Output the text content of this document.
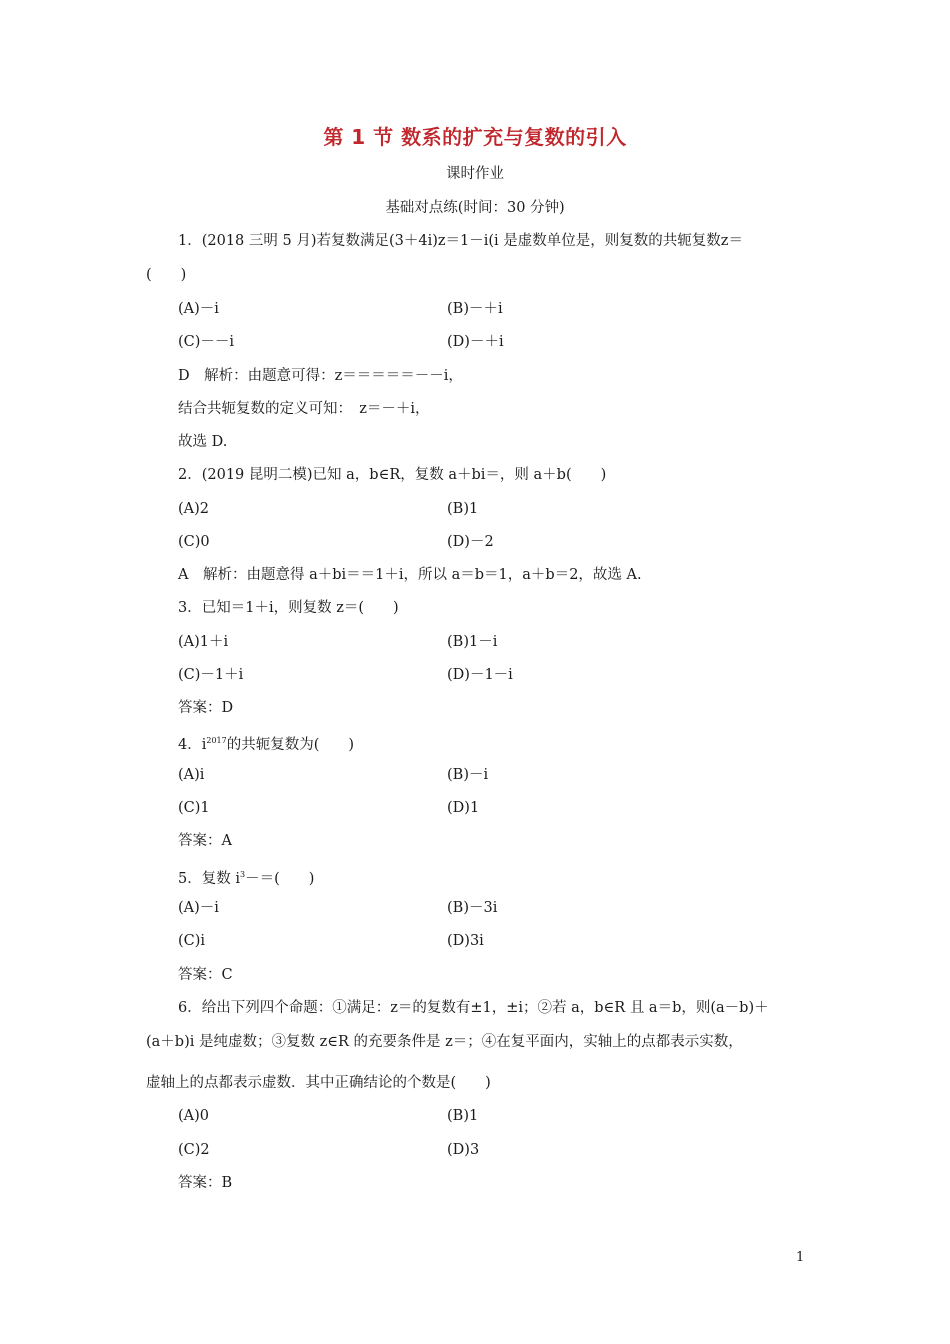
第 1 节 数系的扩充与复数的引入
课时作业
基础对点练(时间：30 分钟)
1．(2018 三明 5 月)若复数满足(3＋4i)z＝1－i(i 是虚数单位是，则复数的共轭复数z＝
(　　)
(A)－i	(B)－＋i
(C)－－i	(D)－＋i
D　解析：由题意可得：z＝＝＝＝＝－－i，
结合共轭复数的定义可知：　z＝－＋i，
故选 D.
2．(2019 昆明二模)已知 a，b∈R，复数 a＋bi＝，则 a＋b(　　)
(A)2	(B)1
(C)0	(D)－2
A　解析：由题意得 a＋bi＝＝1＋i，所以 a＝b＝1，a＋b＝2，故选 A.
3．已知＝1＋i，则复数 z＝(　　)
(A)1＋i	(B)1－i
(C)－1＋i	(D)－1－i
答案：D
4．$i^{2017}$的共轭复数为(　　)
(A)i	(B)－i
(C)1	(D)1
答案：A
5．复数 $i^3-=$(　　)
(A)－i	(B)－3i
(C)i	(D)3i
答案：C
6．给出下列四个命题：①满足：z＝的复数有±1，±i；②若 a，b∈R 且 a＝b，则(a－b)＋
(a＋b)i 是纯虚数；③复数 z∈R 的充要条件是 z＝；④在复平面内，实轴上的点都表示实数，
虚轴上的点都表示虚数．其中正确结论的个数是(　　)
(A)0	(B)1
(C)2	(D)3
答案：B
1
